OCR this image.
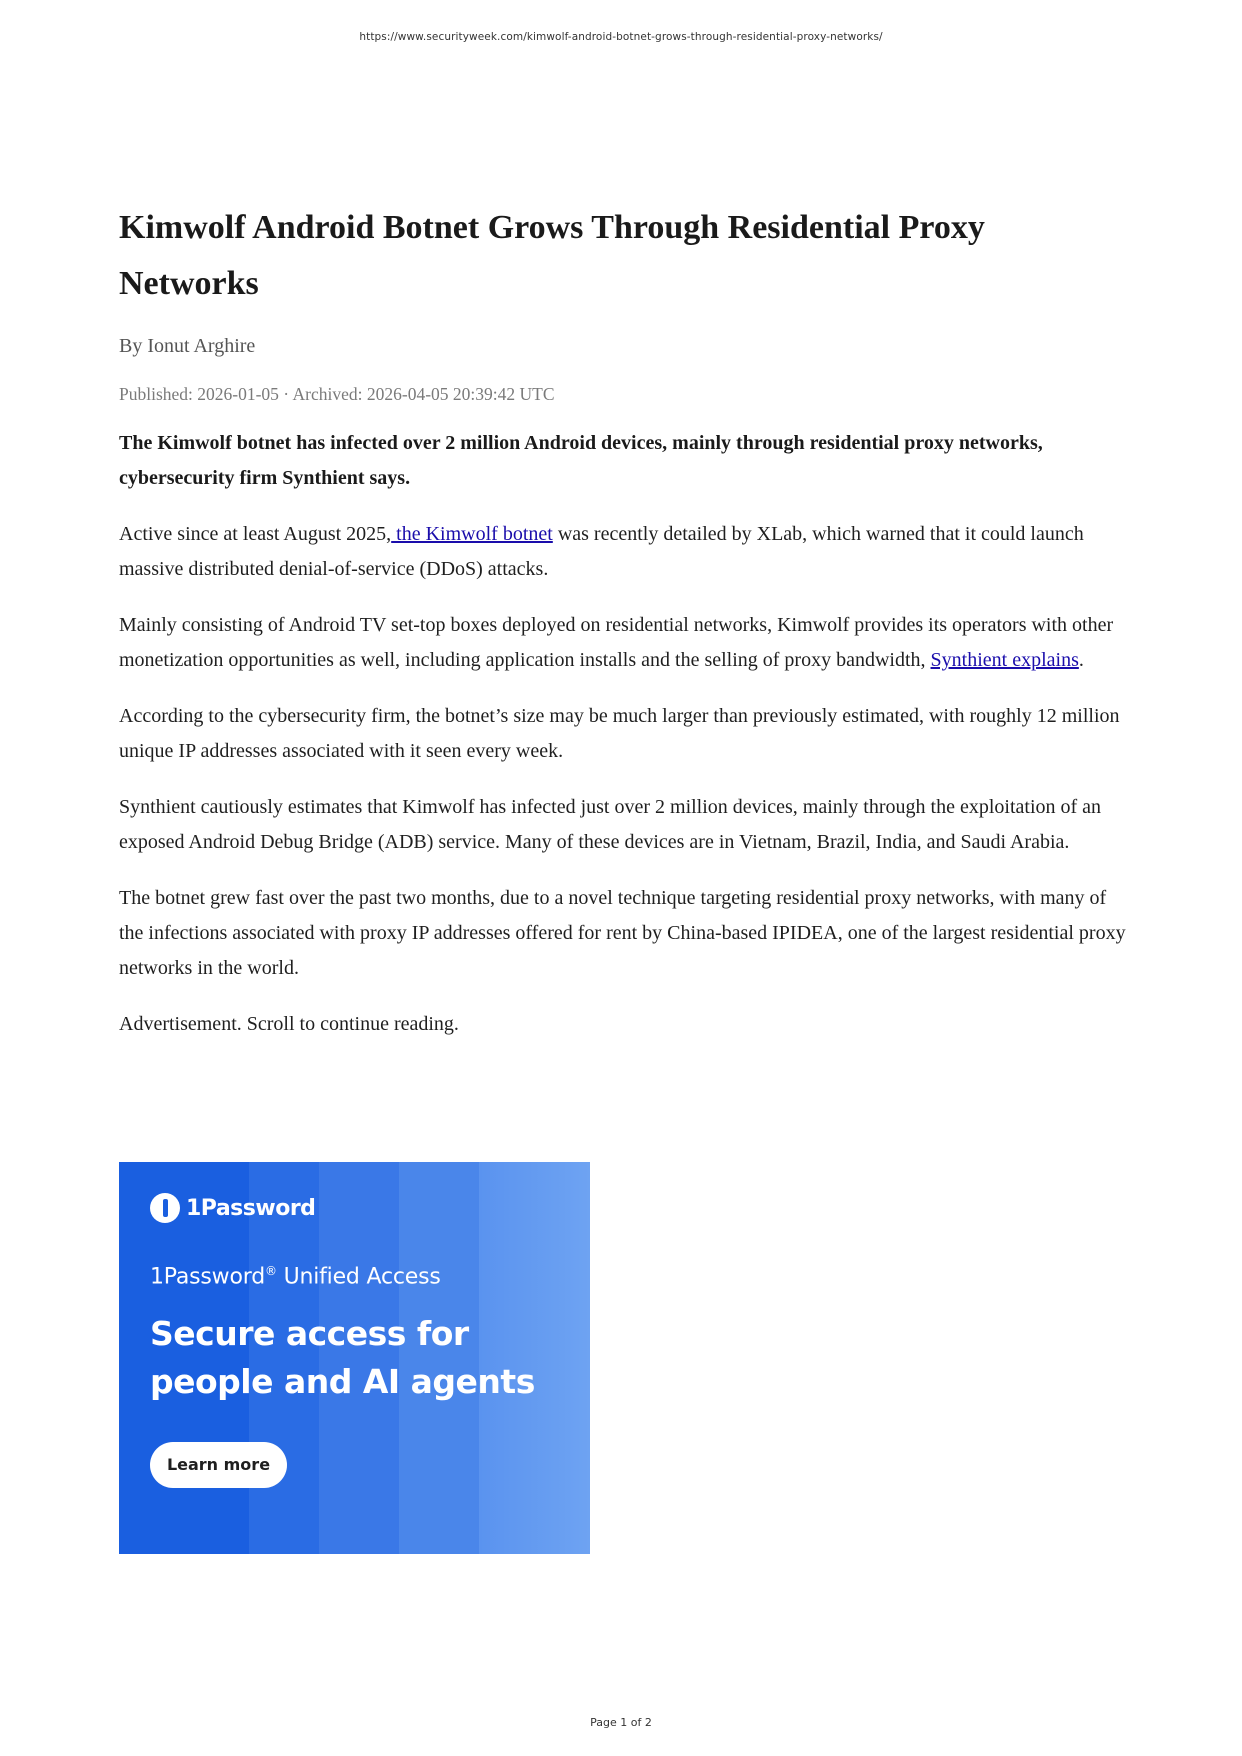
https://www.securityweek.com/kimwolf-android-botnet-grows-through-residential-proxy-networks/
Kimwolf Android Botnet Grows Through Residential Proxy Networks
By Ionut Arghire
Published: 2026-01-05 · Archived: 2026-04-05 20:39:42 UTC
The Kimwolf botnet has infected over 2 million Android devices, mainly through residential proxy networks, cybersecurity firm Synthient says.
Active since at least August 2025, the Kimwolf botnet was recently detailed by XLab, which warned that it could launch massive distributed denial-of-service (DDoS) attacks.
Mainly consisting of Android TV set-top boxes deployed on residential networks, Kimwolf provides its operators with other monetization opportunities as well, including application installs and the selling of proxy bandwidth, Synthient explains.
According to the cybersecurity firm, the botnet’s size may be much larger than previously estimated, with roughly 12 million unique IP addresses associated with it seen every week.
Synthient cautiously estimates that Kimwolf has infected just over 2 million devices, mainly through the exploitation of an exposed Android Debug Bridge (ADB) service. Many of these devices are in Vietnam, Brazil, India, and Saudi Arabia.
The botnet grew fast over the past two months, due to a novel technique targeting residential proxy networks, with many of the infections associated with proxy IP addresses offered for rent by China-based IPIDEA, one of the largest residential proxy networks in the world.
Advertisement. Scroll to continue reading.
1Password
1Password® Unified Access
Secure access for
people and AI agents
Learn more
Page 1 of 2
